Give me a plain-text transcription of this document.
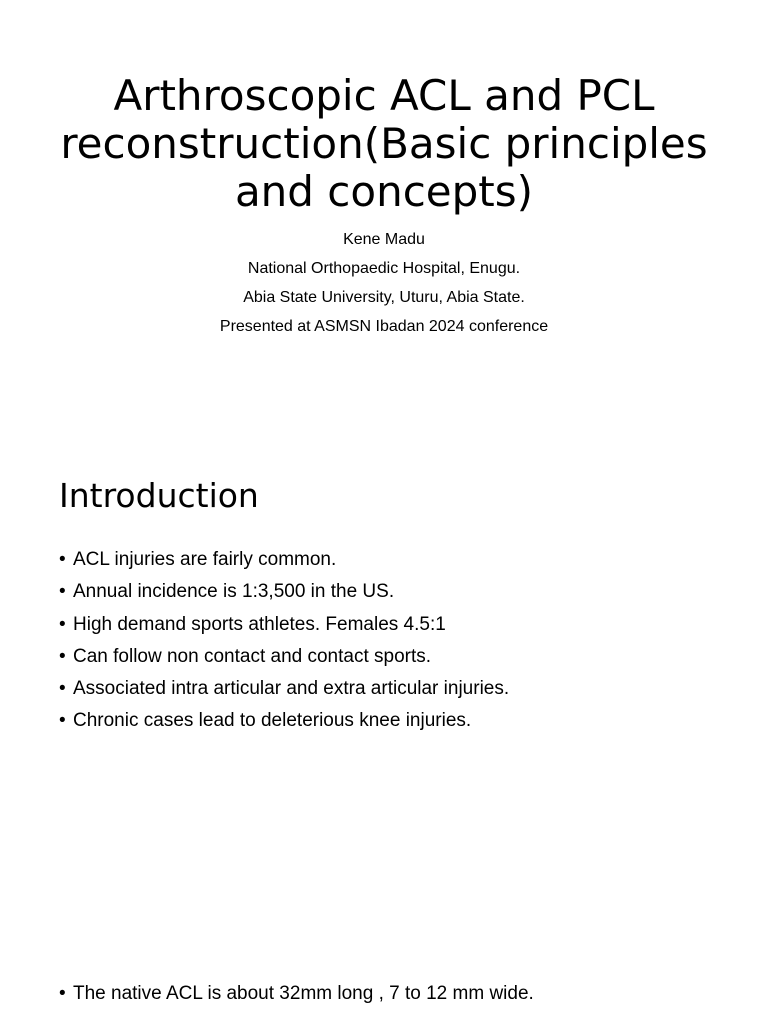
Arthroscopic ACL and PCL reconstruction(Basic principles and concepts)
Kene Madu
National Orthopaedic Hospital, Enugu.
Abia State University, Uturu, Abia State.
Presented at ASMSN Ibadan 2024 conference
Introduction
• ACL injuries are fairly common.
• Annual incidence is 1:3,500 in the US.
• High demand sports athletes. Females 4.5:1
• Can follow non contact and contact sports.
• Associated intra articular and extra articular injuries.
• Chronic cases lead to deleterious knee injuries.
• The native ACL is about 32mm long , 7 to 12 mm wide.
